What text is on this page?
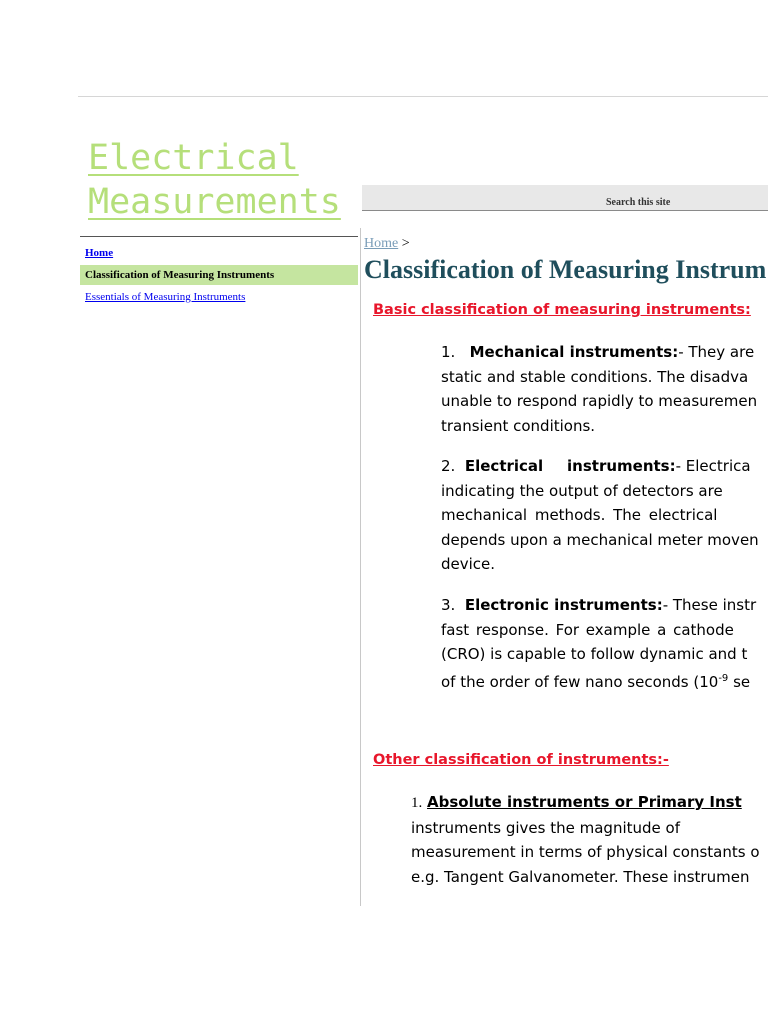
Electrical Measurements	Search this site
Home
Classification of Measuring Instruments
Essentials of Measuring Instruments
Home >
Classification of Measuring Instrum
Basic classification of measuring instruments:
1. Mechanical instruments:- They are
static and stable conditions. The disadva
unable to respond rapidly to measuremen
transient conditions.
2. Electrical instruments:- Electrica
indicating the output of detectors are
mechanical methods. The electrical
depends upon a mechanical meter moven
device.
3. Electronic instruments:- These instr
fast response. For example a cathode
(CRO) is capable to follow dynamic and t
of the order of few nano seconds ($10^{-9}$ se
Other classification of instruments:-
1. Absolute instruments or Primary Inst
instruments gives the magnitude of
measurement in terms of physical constants o
e.g. Tangent Galvanometer. These instrumen
